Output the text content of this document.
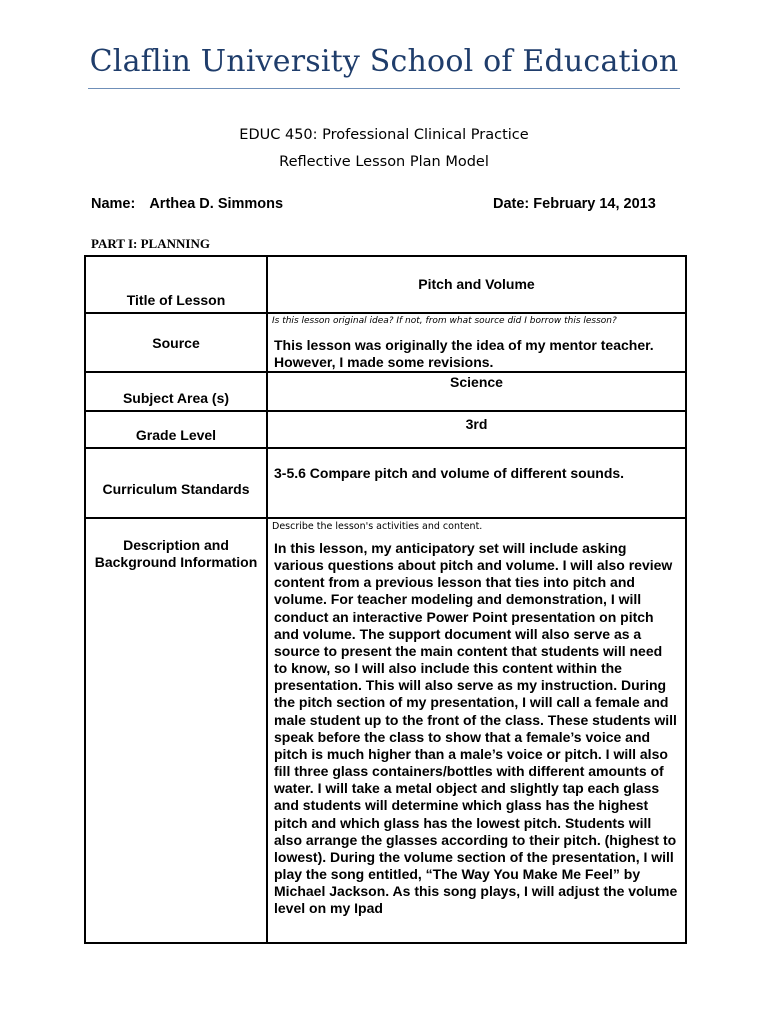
Claflin University School of Education
EDUC 450: Professional Clinical Practice
Reflective Lesson Plan Model
Name: Arthea D. Simmons	Date: February 14, 2013
PART I: PLANNING
Title of Lesson	Pitch and Volume

Source	Is this lesson original idea? If not, from what source did I borrow this lesson?
This lesson was originally the idea of my mentor teacher. However, I made some revisions.

Subject Area (s)	Science

Grade Level	3rd

Curriculum Standards	3-5.6 Compare pitch and volume of different sounds.

Description and Background Information	Describe the lesson's activities and content.
In this lesson, my anticipatory set will include asking various questions about pitch and volume. I will also review content from a previous lesson that ties into pitch and volume. For teacher modeling and demonstration, I will conduct an interactive Power Point presentation on pitch and volume. The support document will also serve as a source to present the main content that students will need to know, so I will also include this content within the presentation. This will also serve as my instruction. During the pitch section of my presentation, I will call a female and male student up to the front of the class. These students will speak before the class to show that a female’s voice and pitch is much higher than a male’s voice or pitch. I will also fill three glass containers/bottles with different amounts of water. I will take a metal object and slightly tap each glass and students will determine which glass has the highest pitch and which glass has the lowest pitch. Students will also arrange the glasses according to their pitch. (highest to lowest). During the volume section of the presentation, I will play the song entitled, “The Way You Make Me Feel” by Michael Jackson. As this song plays, I will adjust the volume level on my Ipad
